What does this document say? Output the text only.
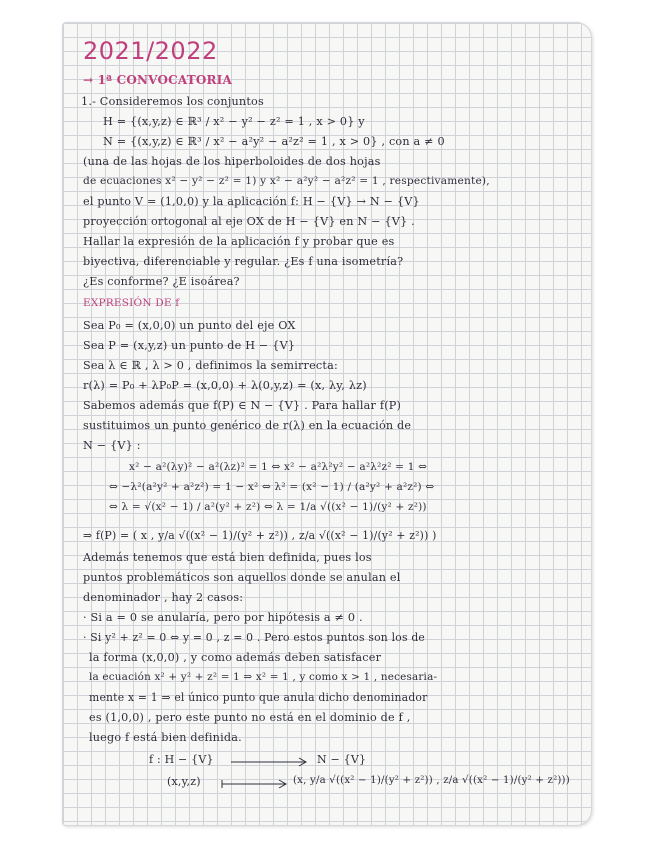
2021/2022
→ 1ª CONVOCATORIA
1.- Consideremos los conjuntos
H = {(x,y,z) ∈ ℝ³ / x² − y² − z² = 1 , x > 0} y
N = {(x,y,z) ∈ ℝ³ / x² − a²y² − a²z² = 1 , x > 0} , con a ≠ 0
(una de las hojas de los hiperboloides de dos hojas
de ecuaciones x² − y² − z² = 1) y x² − a²y² − a²z² = 1 , respectivamente),
el punto V = (1,0,0) y la aplicación f: H − {V} → N − {V}
proyección ortogonal al eje OX de H − {V} en N − {V} .
Hallar la expresión de la aplicación f y probar que es
biyectiva, diferenciable y regular. ¿Es f una isometría?
¿Es conforme? ¿E isoárea?
EXPRESIÓN DE f
Sea P₀ = (x,0,0) un punto del eje OX
Sea P = (x,y,z) un punto de H − {V}
Sea λ ∈ ℝ , λ > 0 , definimos la semirrecta:
r(λ) = P₀ + λP₀P = (x,0,0) + λ(0,y,z) = (x, λy, λz)
Sabemos además que f(P) ∈ N − {V} . Para hallar f(P)
sustituimos un punto genérico de r(λ) en la ecuación de
N − {V} :
x² − a²(λy)² − a²(λz)² = 1 ⇔ x² − a²λ²y² − a²λ²z² = 1 ⇔
⇔ −λ²(a²y² + a²z²) = 1 − x² ⇔ λ² = (x² − 1) / (a²y² + a²z²) ⇔
⇔ λ = √(x² − 1) / a²(y² + z²) ⇔ λ = 1/a √((x² − 1)/(y² + z²))
⇒ f(P) = ( x , y/a √((x² − 1)/(y² + z²)) , z/a √((x² − 1)/(y² + z²)) )
Además tenemos que está bien definida, pues los
puntos problemáticos son aquellos donde se anulan el
denominador , hay 2 casos:
· Si a = 0 se anularía, pero por hipótesis a ≠ 0 .
· Si y² + z² = 0 ⇔ y = 0 , z = 0 . Pero estos puntos son los de
la forma (x,0,0) , y como además deben satisfacer
la ecuación x² + y² + z² = 1 ⇒ x² = 1 , y como x > 1 , necesaria-
mente x = 1 ⇒ el único punto que anula dicho denominador
es (1,0,0) , pero este punto no está en el dominio de f ,
luego f está bien definida.
f : H − {V}	N − {V}
(x,y,z)	(x, y/a √((x² − 1)/(y² + z²)) , z/a √((x² − 1)/(y² + z²)))
